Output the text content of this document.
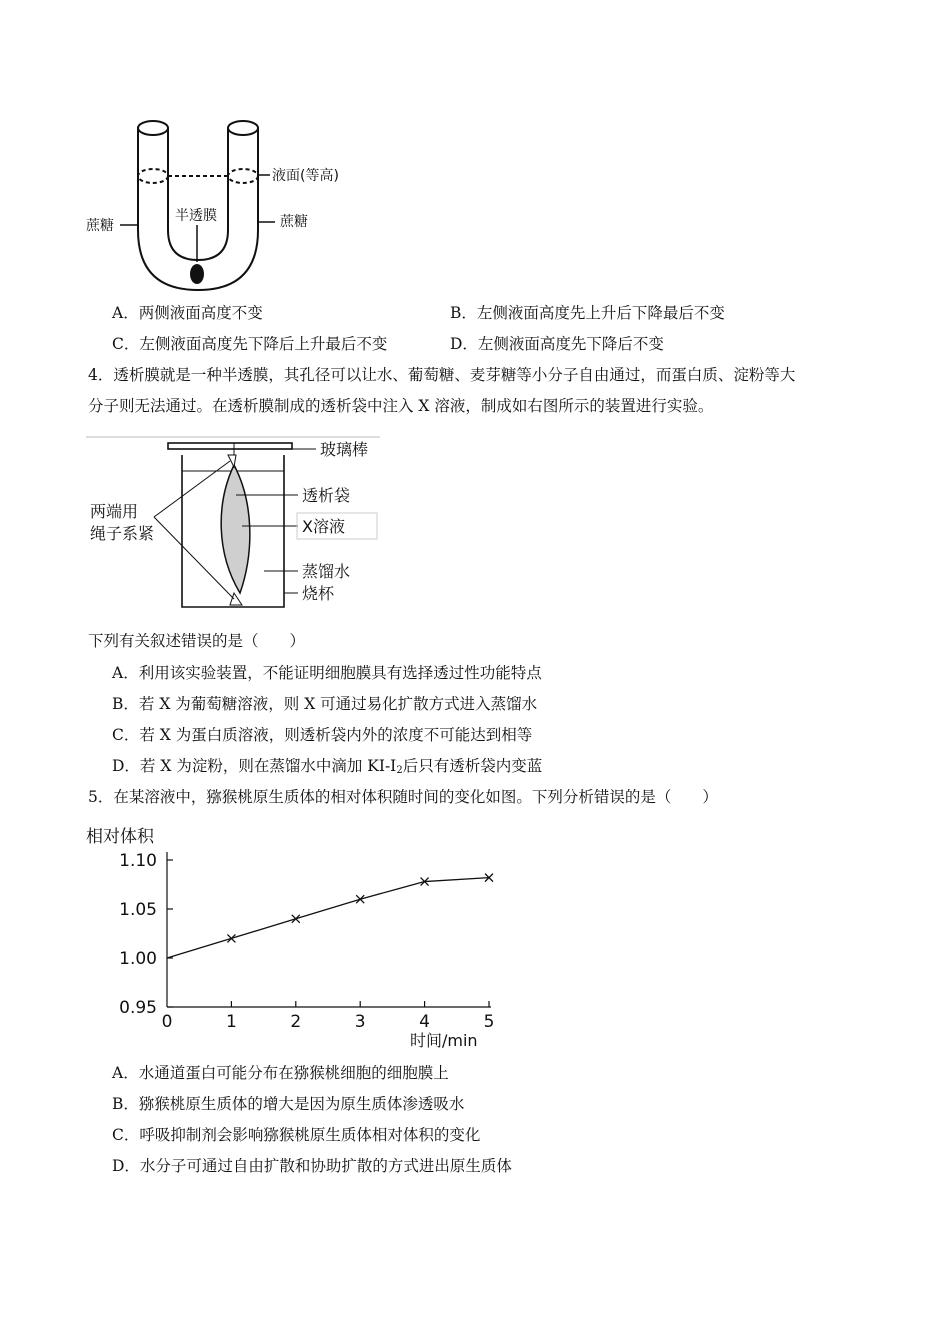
液面(等高)
蔗糖
半透膜	蔗糖
A．两侧液面高度不变	B．左侧液面高度先上升后下降最后不变
C．左侧液面高度先下降后上升最后不变	D．左侧液面高度先下降后不变
4．透析膜就是一种半透膜，其孔径可以让水、葡萄糖、麦芽糖等小分子自由通过，而蛋白质、淀粉等大
分子则无法通过。在透析膜制成的透析袋中注入 X 溶液，制成如右图所示的装置进行实验。
玻璃棒
透析袋
X溶液
蒸馏水
烧杯
两端用
绳子系紧
下列有关叙述错误的是（　　）
A．利用该实验装置，不能证明细胞膜具有选择透过性功能特点
B．若 X 为葡萄糖溶液，则 X 可通过易化扩散方式进入蒸馏水
C．若 X 为蛋白质溶液，则透析袋内外的浓度不可能达到相等
D．若 X 为淀粉，则在蒸馏水中滴加 $KI-I_2$后只有透析袋内变蓝
5．在某溶液中，猕猴桃原生质体的相对体积随时间的变化如图。下列分析错误的是（　　）
相对体积
时间/min
0.95
1.00
1.05
1.10
0	1	2	3	4	5
A．水通道蛋白可能分布在猕猴桃细胞的细胞膜上
B．猕猴桃原生质体的增大是因为原生质体渗透吸水
C．呼吸抑制剂会影响猕猴桃原生质体相对体积的变化
D．水分子可通过自由扩散和协助扩散的方式进出原生质体
